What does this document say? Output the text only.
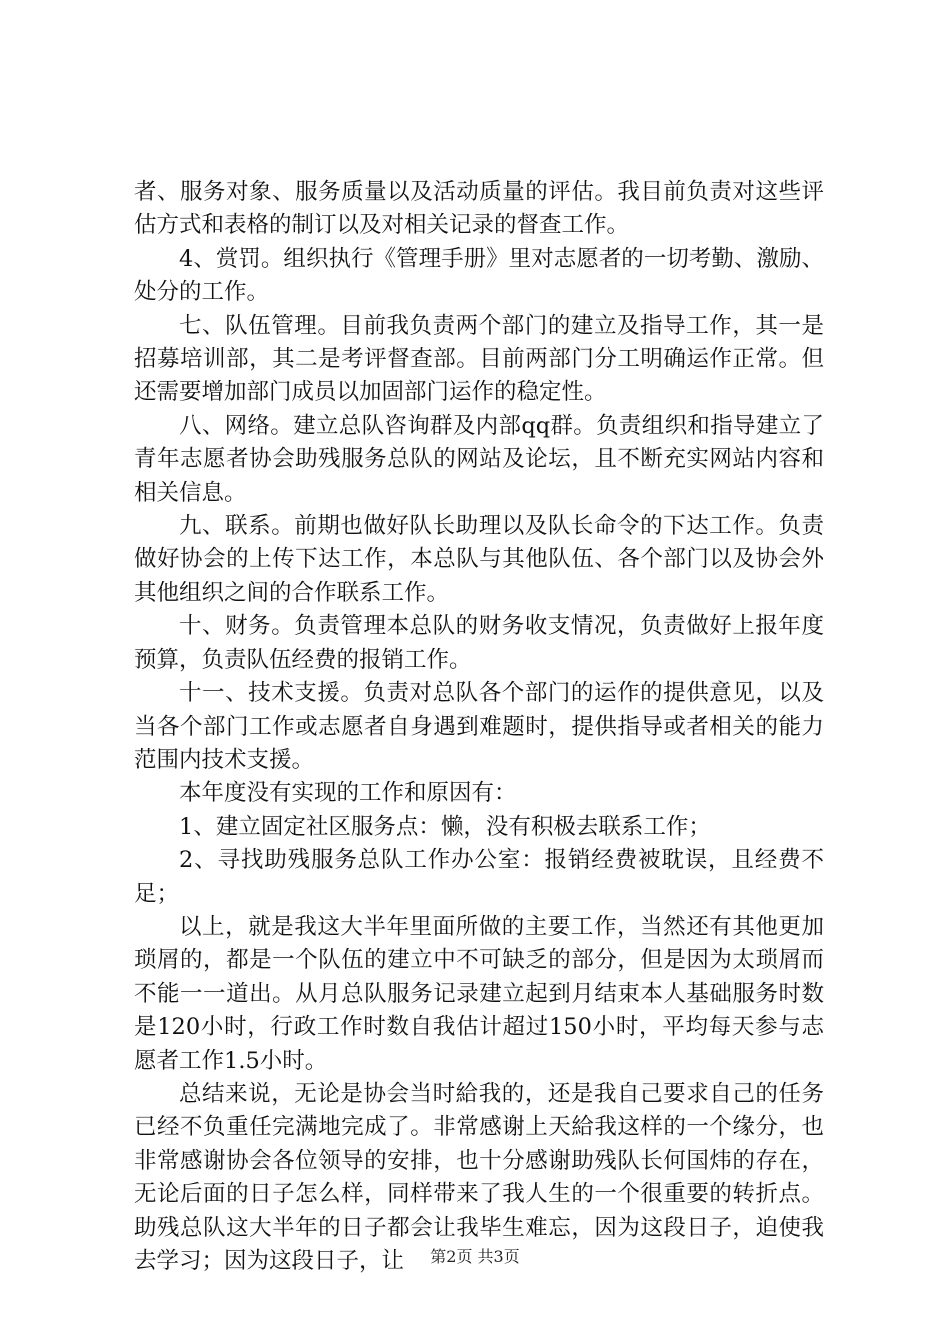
者、服务对象、服务质量以及活动质量的评估。我目前负责对这些评估方式和表格的制订以及对相关记录的督查工作。

4、赏罚。组织执行《管理手册》里对志愿者的一切考勤、激励、处分的工作。

七、队伍管理。目前我负责两个部门的建立及指导工作，其一是招募培训部，其二是考评督查部。目前两部门分工明确运作正常。但还需要增加部门成员以加固部门运作的稳定性。

八、网络。建立总队咨询群及内部qq群。负责组织和指导建立了青年志愿者协会助残服务总队的网站及论坛，且不断充实网站内容和相关信息。

九、联系。前期也做好队长助理以及队长命令的下达工作。负责做好协会的上传下达工作，本总队与其他队伍、各个部门以及协会外其他组织之间的合作联系工作。

十、财务。负责管理本总队的财务收支情况，负责做好上报年度预算，负责队伍经费的报销工作。

十一、技术支援。负责对总队各个部门的运作的提供意见，以及当各个部门工作或志愿者自身遇到难题时，提供指导或者相关的能力范围内技术支援。

本年度没有实现的工作和原因有：

1、建立固定社区服务点：懒，没有积极去联系工作；

2、寻找助残服务总队工作办公室：报销经费被耽误，且经费不足；

以上，就是我这大半年里面所做的主要工作，当然还有其他更加琐屑的，都是一个队伍的建立中不可缺乏的部分，但是因为太琐屑而不能一一道出。从月总队服务记录建立起到月结束本人基础服务时数是120小时，行政工作时数自我估计超过150小时，平均每天参与志愿者工作1.5小时。

总结来说，无论是协会当时給我的，还是我自己要求自己的任务已经不负重任完满地完成了。非常感谢上天給我这样的一个缘分，也非常感谢协会各位领导的安排，也十分感谢助残队长何国炜的存在，无论后面的日子怎么样，同样带来了我人生的一个很重要的转折点。助残总队这大半年的日子都会让我毕生难忘，因为这段日子，迫使我去学习；因为这段日子，让	第2页 共3页
